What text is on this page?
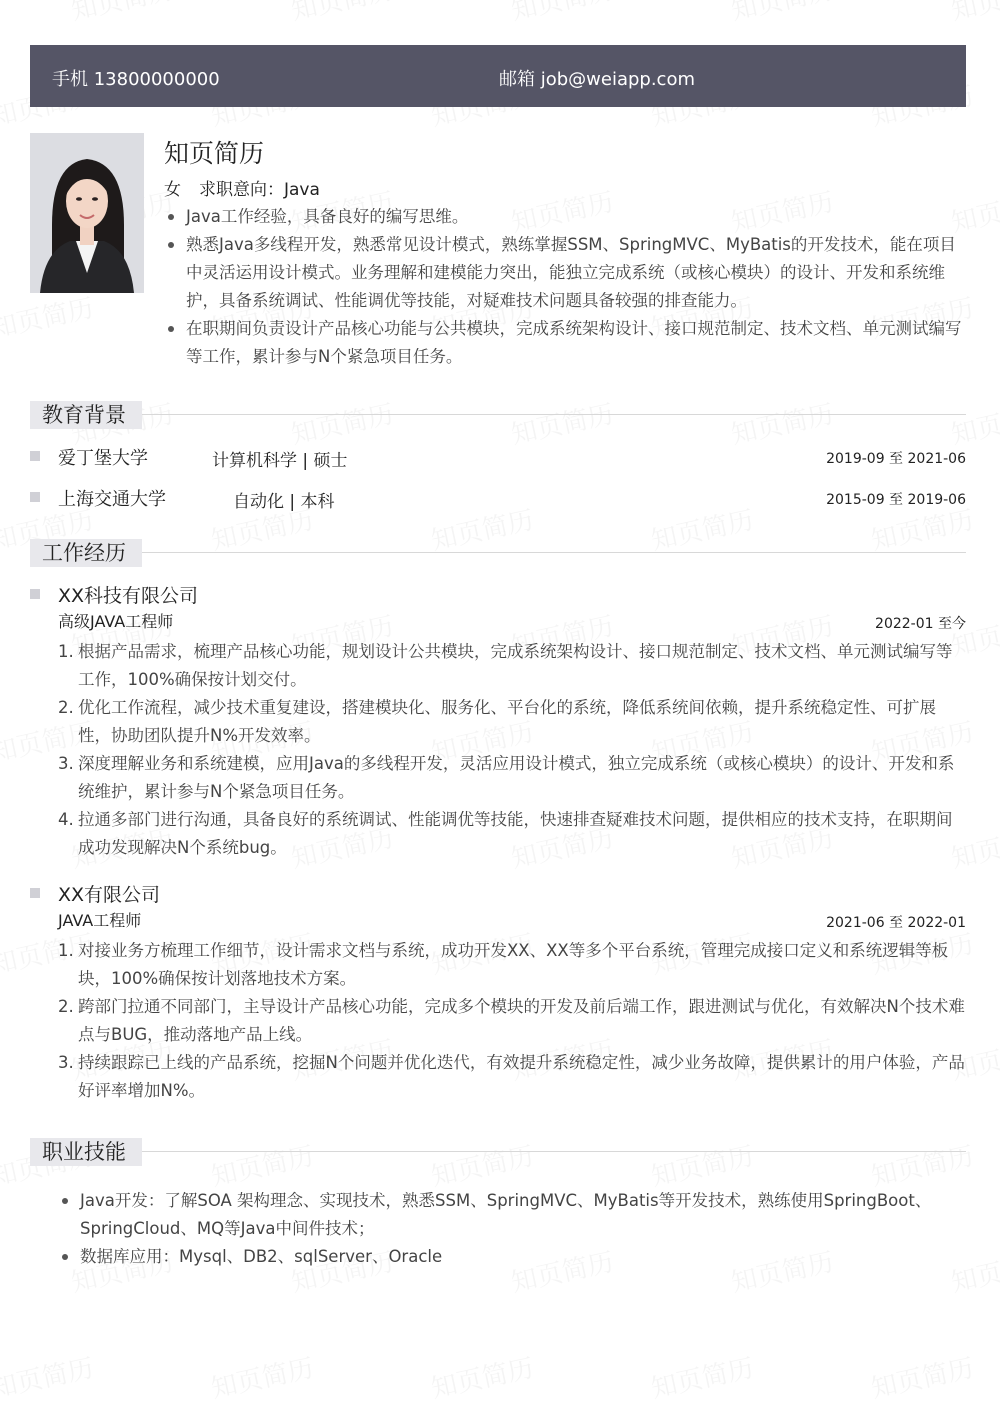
手机 13800000000	邮箱 job@weiapp.com
知页简历
女 求职意向：Java
Java工作经验，具备良好的编写思维。
熟悉Java多线程开发，熟悉常见设计模式，熟练掌握SSM、SpringMVC、MyBatis的开发技术，能在项目中灵活运用设计模式。业务理解和建模能力突出，能独立完成系统（或核心模块）的设计、开发和系统维护，具备系统调试、性能调优等技能，对疑难技术问题具备较强的排查能力。
在职期间负责设计产品核心功能与公共模块，完成系统架构设计、接口规范制定、技术文档、单元测试编写等工作，累计参与N个紧急项目任务。
教育背景
爱丁堡大学	计算机科学 | 硕士	2019-09 至 2021-06
上海交通大学	自动化 | 本科	2015-09 至 2019-06
工作经历
XX科技有限公司
高级JAVA工程师	2022-01 至今
1. 根据产品需求，梳理产品核心功能，规划设计公共模块，完成系统架构设计、接口规范制定、技术文档、单元测试编写等工作，100%确保按计划交付。
2. 优化工作流程，减少技术重复建设，搭建模块化、服务化、平台化的系统，降低系统间依赖，提升系统稳定性、可扩展性，协助团队提升N%开发效率。
3. 深度理解业务和系统建模，应用Java的多线程开发，灵活应用设计模式，独立完成系统（或核心模块）的设计、开发和系统维护，累计参与N个紧急项目任务。
4. 拉通多部门进行沟通，具备良好的系统调试、性能调优等技能，快速排查疑难技术问题，提供相应的技术支持，在职期间成功发现解决N个系统bug。
XX有限公司
JAVA工程师	2021-06 至 2022-01
1. 对接业务方梳理工作细节，设计需求文档与系统，成功开发XX、XX等多个平台系统，管理完成接口定义和系统逻辑等板块，100%确保按计划落地技术方案。
2. 跨部门拉通不同部门，主导设计产品核心功能，完成多个模块的开发及前后端工作，跟进测试与优化，有效解决N个技术难点与BUG，推动落地产品上线。
3. 持续跟踪已上线的产品系统，挖掘N个问题并优化迭代，有效提升系统稳定性，减少业务故障，提供累计的用户体验，产品好评率增加N%。
职业技能
Java开发：了解SOA 架构理念、实现技术，熟悉SSM、SpringMVC、MyBatis等开发技术，熟练使用SpringBoot、SpringCloud、MQ等Java中间件技术；
数据库应用：Mysql、DB2、sqlServer、Oracle
